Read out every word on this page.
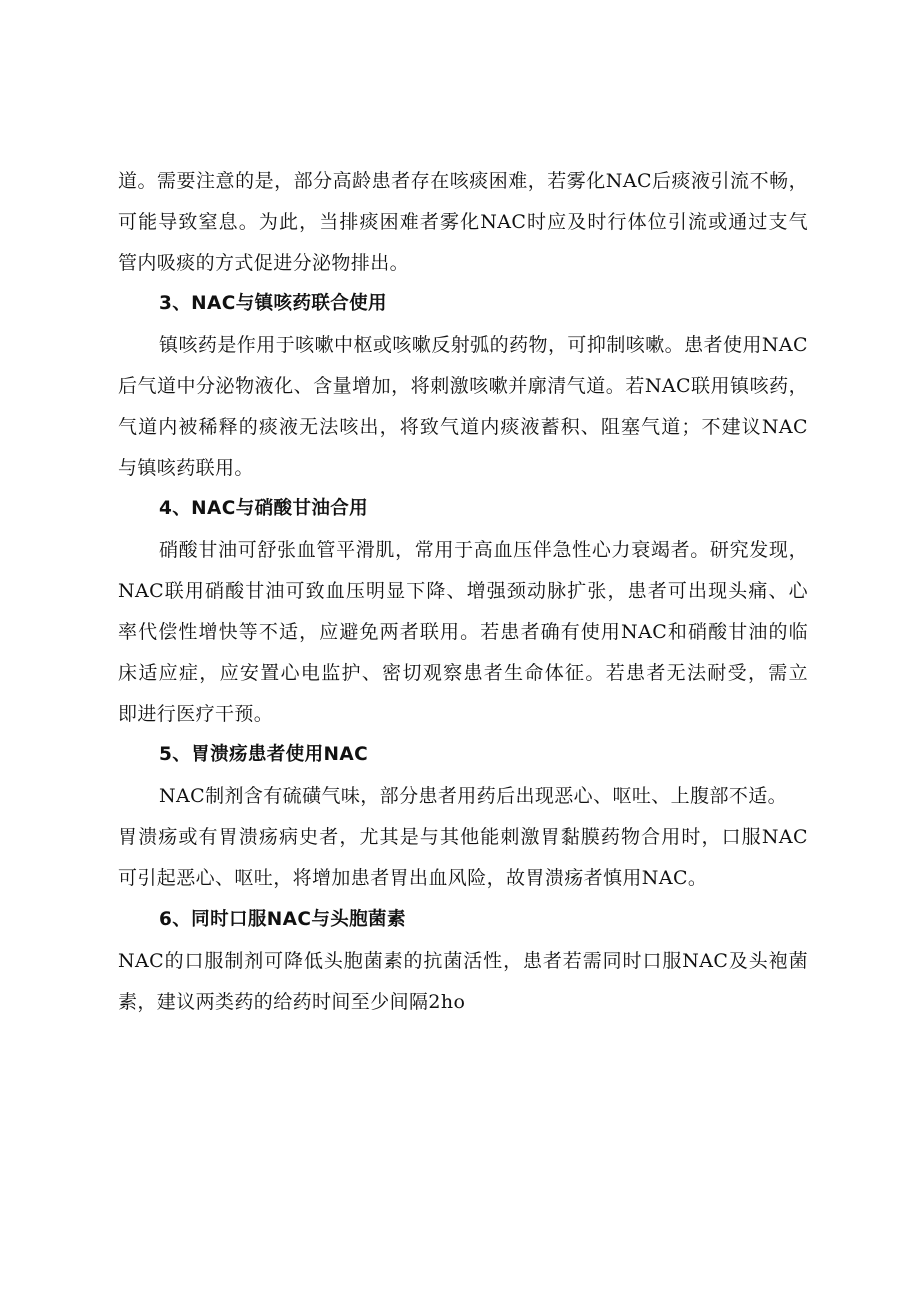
道。需要注意的是，部分高龄患者存在咳痰困难，若雾化NAC后痰液引流不畅，
可能导致窒息。为此，当排痰困难者雾化NAC时应及时行体位引流或通过支气
管内吸痰的方式促进分泌物排出。
3、NAC与镇咳药联合使用
镇咳药是作用于咳嗽中枢或咳嗽反射弧的药物，可抑制咳嗽。患者使用NAC
后气道中分泌物液化、含量增加，将刺激咳嗽并廓清气道。若NAC联用镇咳药，
气道内被稀释的痰液无法咳出，将致气道内痰液蓄积、阻塞气道；不建议NAC
与镇咳药联用。
4、NAC与硝酸甘油合用
硝酸甘油可舒张血管平滑肌，常用于高血压伴急性心力衰竭者。研究发现，
NAC联用硝酸甘油可致血压明显下降、增强颈动脉扩张，患者可出现头痛、心
率代偿性增快等不适，应避免两者联用。若患者确有使用NAC和硝酸甘油的临
床适应症，应安置心电监护、密切观察患者生命体征。若患者无法耐受，需立
即进行医疗干预。
5、胃溃疡患者使用NAC
NAC制剂含有硫磺气味，部分患者用药后出现恶心、呕吐、上腹部不适。
胃溃疡或有胃溃疡病史者，尤其是与其他能刺激胃黏膜药物合用时，口服NAC
可引起恶心、呕吐，将增加患者胃出血风险，故胃溃疡者慎用NAC。
6、同时口服NAC与头胞菌素
NAC的口服制剂可降低头胞菌素的抗菌活性，患者若需同时口服NAC及头袍菌
素，建议两类药的给药时间至少间隔2ho
